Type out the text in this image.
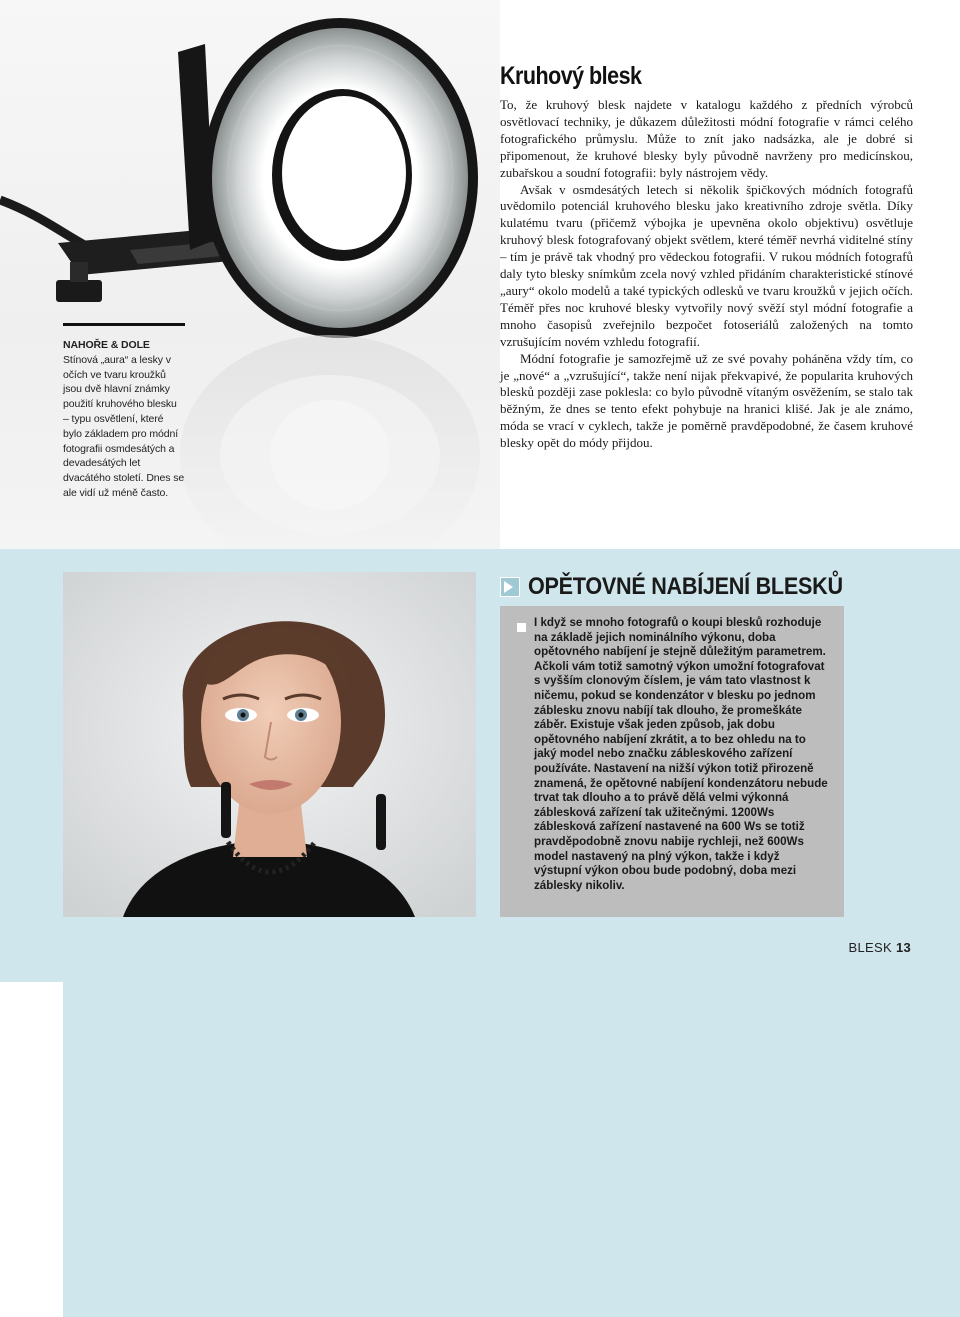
NAHOŘE & DOLE Stínová „aura“ a lesky v očích ve tvaru kroužků jsou dvě hlavní známky použití kruhového blesku – typu osvětlení, které bylo základem pro módní fotografii osmdesátých a devadesátých let dvacátého století. Dnes se ale vidí už méně často.
Kruhový blesk

To, že kruhový blesk najdete v katalogu každého z předních výrobců osvětlovací techniky, je důkazem důležitosti módní fotografie v rámci celého fotografického průmyslu. Může to znít jako nadsázka, ale je dobré si připomenout, že kruhové blesky byly původně navrženy pro medicínskou, zubařskou a soudní fotografii: byly nástrojem vědy.

Avšak v osmdesátých letech si několik špičkových módních fotografů uvědomilo potenciál kruhového blesku jako kreativního zdroje světla. Díky kulatému tvaru (přičemž výbojka je upevněna okolo objektivu) osvětluje kruhový blesk fotografovaný objekt světlem, které téměř nevrhá viditelné stíny – tím je právě tak vhodný pro vědeckou fotografii. V rukou módních fotografů daly tyto blesky snímkům zcela nový vzhled přidáním charakteristické stínové „aury“ okolo modelů a také typických odlesků ve tvaru kroužků v jejich očích. Téměř přes noc kruhové blesky vytvořily nový svěží styl módní fotografie a mnoho časopisů zveřejnilo bezpočet fotoseriálů založených na tomto vzrušujícím novém vzhledu fotografií.

Módní fotografie je samozřejmě už ze své povahy poháněna vždy tím, co je „nové“ a „vzrušující“, takže není nijak překvapivé, že popularita kruhových blesků později zase poklesla: co bylo původně vítaným osvěžením, se stalo tak běžným, že dnes se tento efekt pohybuje na hranici klišé. Jak je ale známo, móda se vrací v cyklech, takže je poměrně pravděpodobné, že časem kruhové blesky opět do módy přijdou.

OPĚTOVNÉ NABÍJENÍ BLESKŮ

I když se mnoho fotografů o koupi blesků rozhoduje na základě jejich nominálního výkonu, doba opětovného nabíjení je stejně důležitým parametrem. Ačkoli vám totiž samotný výkon umožní fotografovat s vyšším clonovým číslem, je vám tato vlastnost k ničemu, pokud se kondenzátor v blesku po jednom záblesku znovu nabíjí tak dlouho, že promeškáte záběr. Existuje však jeden způsob, jak dobu opětovného nabíjení zkrátit, a to bez ohledu na to jaký model nebo značku zábleskového zařízení používáte. Nastavení na nižší výkon totiž přirozeně znamená, že opětovné nabíjení kondenzátoru nebude trvat tak dlouho a to právě dělá velmi výkonná záblesková zařízení tak užitečnými. 1200Ws záblesková zařízení nastavené na 600 Ws se totiž pravděpodobně znovu nabije rychleji, než 600Ws model nastavený na plný výkon, takže i když výstupní výkon obou bude podobný, doba mezi záblesky nikoliv.

BLESK 13
